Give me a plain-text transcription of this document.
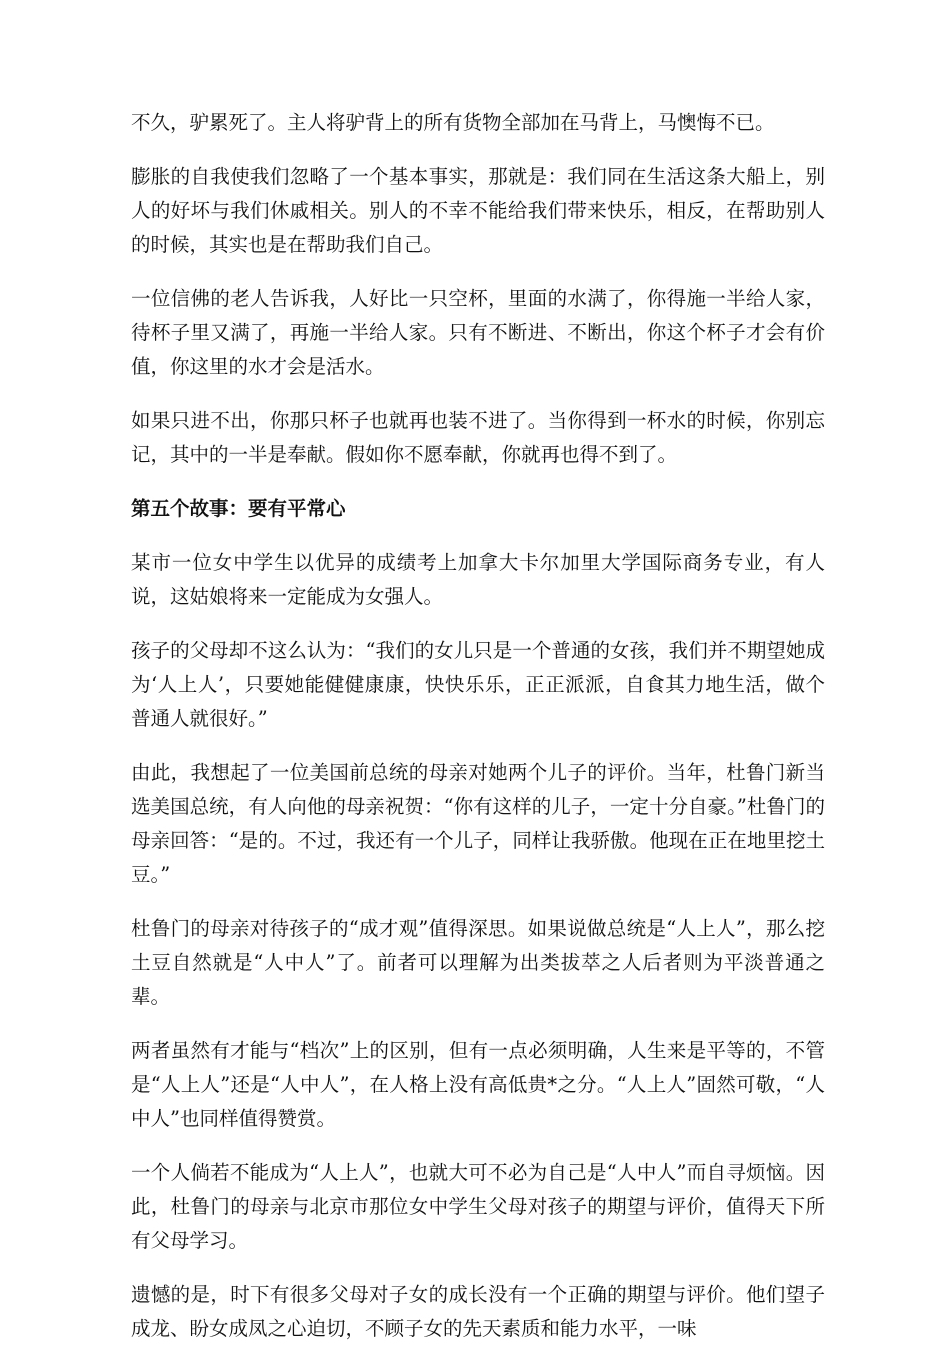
不久，驴累死了。主人将驴背上的所有货物全部加在马背上，马懊悔不已。

膨胀的自我使我们忽略了一个基本事实，那就是：我们同在生活这条大船上，别人的好坏与我们休戚相关。别人的不幸不能给我们带来快乐，相反，在帮助别人的时候，其实也是在帮助我们自己。

一位信佛的老人告诉我，人好比一只空杯，里面的水满了，你得施一半给人家，待杯子里又满了，再施一半给人家。只有不断进、不断出，你这个杯子才会有价值，你这里的水才会是活水。

如果只进不出，你那只杯子也就再也装不进了。当你得到一杯水的时候，你别忘记，其中的一半是奉献。假如你不愿奉献，你就再也得不到了。

第五个故事：要有平常心

某市一位女中学生以优异的成绩考上加拿大卡尔加里大学国际商务专业，有人说，这姑娘将来一定能成为女强人。

孩子的父母却不这么认为：“我们的女儿只是一个普通的女孩，我们并不期望她成为‘人上人’，只要她能健健康康，快快乐乐，正正派派，自食其力地生活，做个普通人就很好。”

由此，我想起了一位美国前总统的母亲对她两个儿子的评价。当年，杜鲁门新当选美国总统，有人向他的母亲祝贺：“你有这样的儿子，一定十分自豪。”杜鲁门的母亲回答：“是的。不过，我还有一个儿子，同样让我骄傲。他现在正在地里挖土豆。”

杜鲁门的母亲对待孩子的“成才观”值得深思。如果说做总统是“人上人”，那么挖土豆自然就是“人中人”了。前者可以理解为出类拔萃之人后者则为平淡普通之辈。

两者虽然有才能与“档次”上的区别，但有一点必须明确，人生来是平等的，不管是“人上人”还是“人中人”，在人格上没有高低贵*之分。“人上人”固然可敬，“人中人”也同样值得赞赏。

一个人倘若不能成为“人上人”，也就大可不必为自己是“人中人”而自寻烦恼。因此，杜鲁门的母亲与北京市那位女中学生父母对孩子的期望与评价，值得天下所有父母学习。

遗憾的是，时下有很多父母对子女的成长没有一个正确的期望与评价。他们望子成龙、盼女成凤之心迫切，不顾子女的先天素质和能力水平，一味
